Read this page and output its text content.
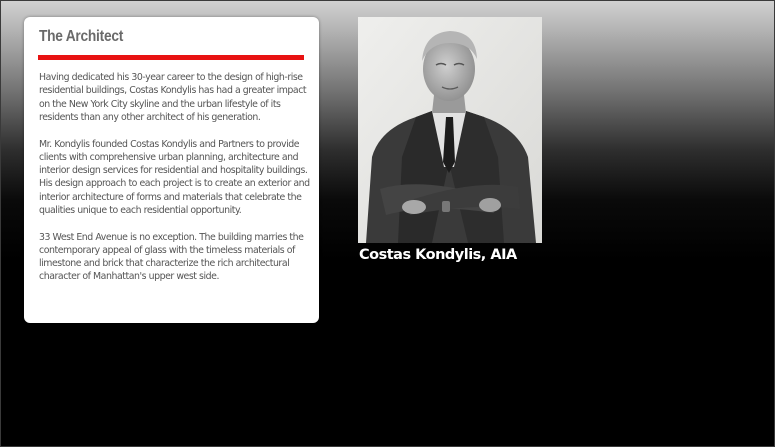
The Architect

Having dedicated his 30-year career to the design of high-rise residential buildings, Costas Kondylis has had a greater impact on the New York City skyline and the urban lifestyle of its residents than any other architect of his generation.

Mr. Kondylis founded Costas Kondylis and Partners to provide clients with comprehensive urban planning, architecture and interior design services for residential and hospitality buildings. His design approach to each project is to create an exterior and interior architecture of forms and materials that celebrate the qualities unique to each residential opportunity.

33 West End Avenue is no exception. The building marries the contemporary appeal of glass with the timeless materials of limestone and brick that characterize the rich architectural character of Manhattan's upper west side.

Costas Kondylis, AIA
